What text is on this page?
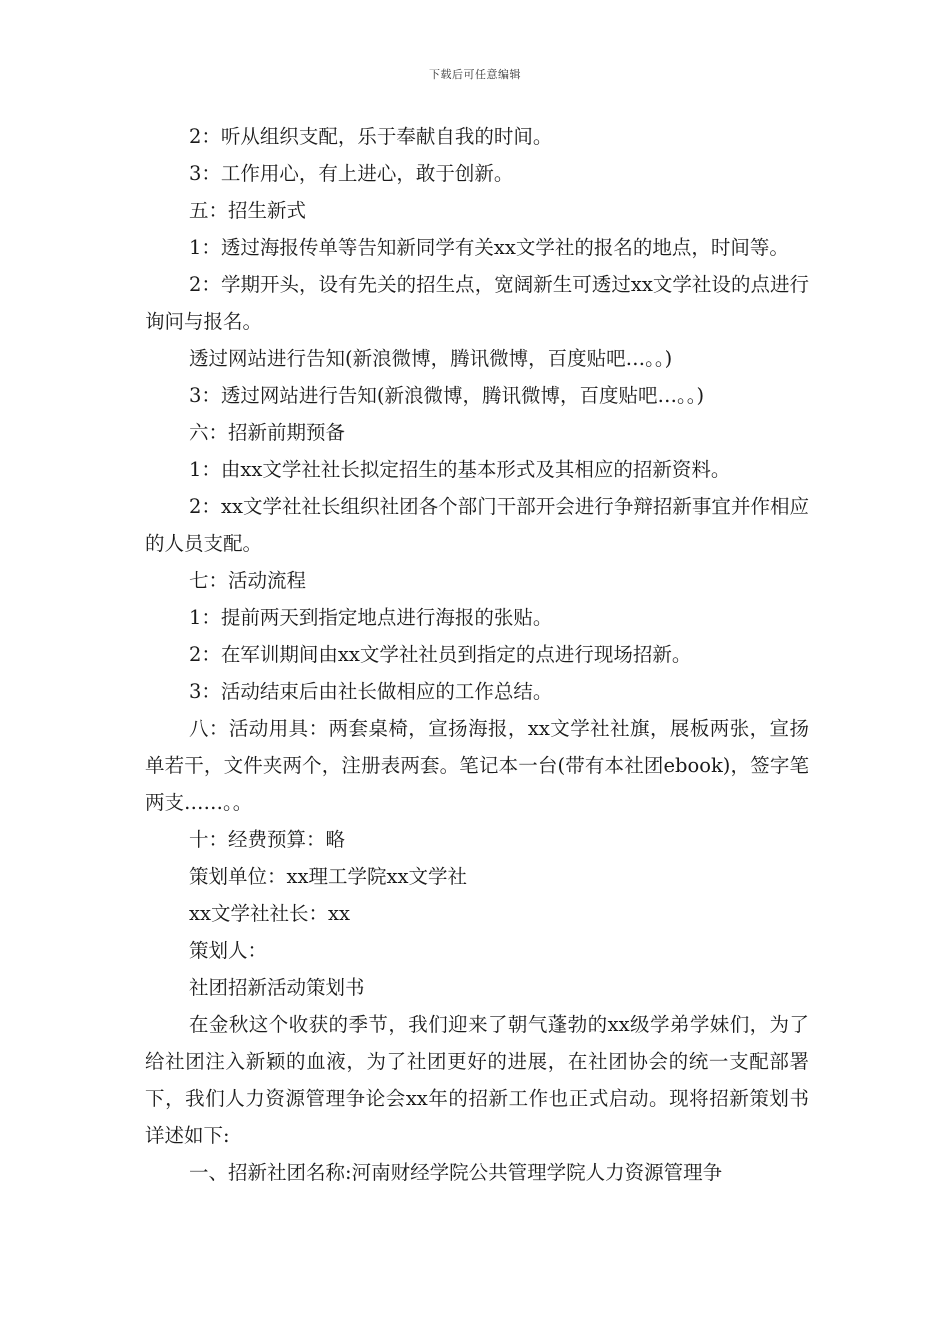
下载后可任意编辑

2：听从组织支配，乐于奉献自我的时间。

3：工作用心，有上进心，敢于创新。

五：招生新式

1：透过海报传单等告知新同学有关xx文学社的报名的地点，时间等。

2：学期开头，设有先关的招生点，宽阔新生可透过xx文学社设的点进行询问与报名。

透过网站进行告知(新浪微博，腾讯微博，百度贴吧…。。)

3：透过网站进行告知(新浪微博，腾讯微博，百度贴吧…。。)

六：招新前期预备

1：由xx文学社社长拟定招生的基本形式及其相应的招新资料。

2：xx文学社社长组织社团各个部门干部开会进行争辩招新事宜并作相应的人员支配。

七：活动流程

1：提前两天到指定地点进行海报的张贴。

2：在军训期间由xx文学社社员到指定的点进行现场招新。

3：活动结束后由社长做相应的工作总结。

八：活动用具：两套桌椅，宣扬海报，xx文学社社旗，展板两张，宣扬单若干，文件夹两个，注册表两套。笔记本一台(带有本社团ebook)，签字笔两支……。。

十：经费预算：略

策划单位：xx理工学院xx文学社

xx文学社社长：xx

策划人：

社团招新活动策划书

在金秋这个收获的季节，我们迎来了朝气蓬勃的xx级学弟学妹们，为了给社团注入新颖的血液，为了社团更好的进展，在社团协会的统一支配部署下，我们人力资源管理争论会xx年的招新工作也正式启动。现将招新策划书详述如下:

一、招新社团名称:河南财经学院公共管理学院人力资源管理争
